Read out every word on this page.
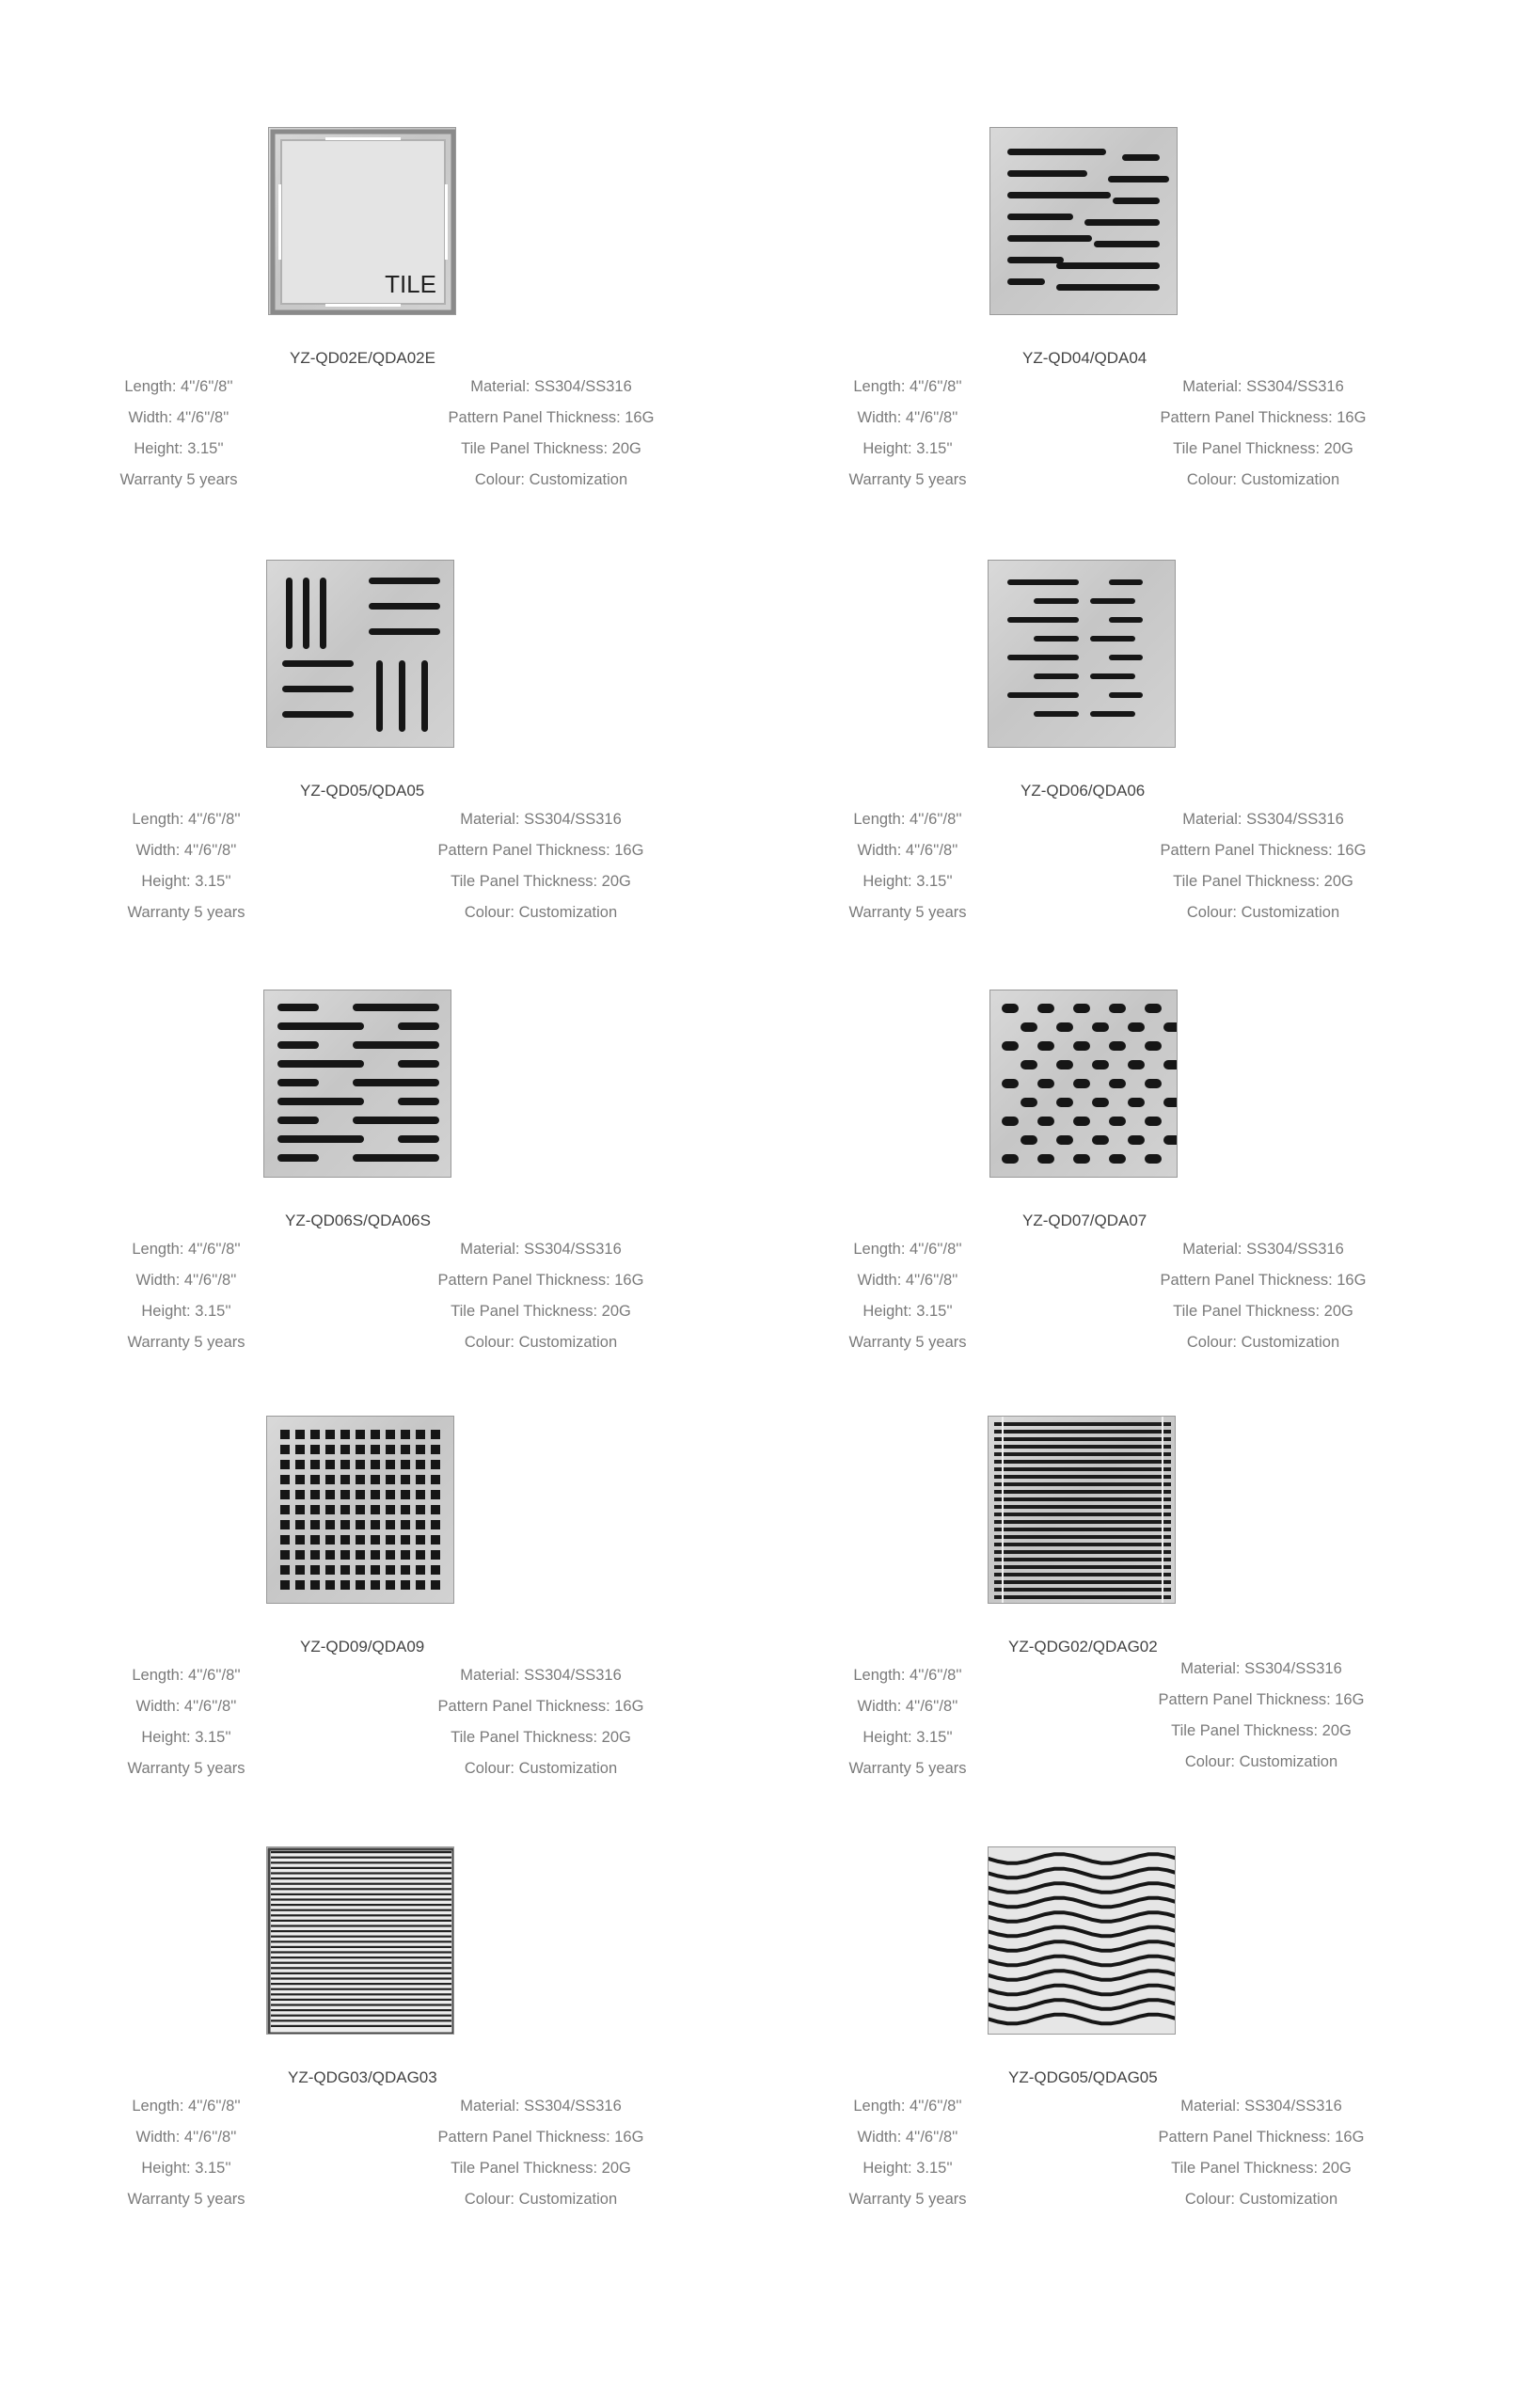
TILE
YZ-QD02E/QDA02E
Length: 4''/6''/8''
Width: 4''/6''/8''
Height: 3.15''
Warranty 5 years
Material: SS304/SS316
Pattern Panel Thickness: 16G
Tile Panel Thickness: 20G
Colour: Customization
YZ-QD04/QDA04
Length: 4''/6''/8''
Width: 4''/6''/8''
Height: 3.15''
Warranty 5 years
Material: SS304/SS316
Pattern Panel Thickness: 16G
Tile Panel Thickness: 20G
Colour: Customization
YZ-QD05/QDA05
Length: 4''/6''/8''
Width: 4''/6''/8''
Height: 3.15''
Warranty 5 years
Material: SS304/SS316
Pattern Panel Thickness: 16G
Tile Panel Thickness: 20G
Colour: Customization
YZ-QD06/QDA06
Length: 4''/6''/8''
Width: 4''/6''/8''
Height: 3.15''
Warranty 5 years
Material: SS304/SS316
Pattern Panel Thickness: 16G
Tile Panel Thickness: 20G
Colour: Customization
YZ-QD06S/QDA06S
Length: 4''/6''/8''
Width: 4''/6''/8''
Height: 3.15''
Warranty 5 years
Material: SS304/SS316
Pattern Panel Thickness: 16G
Tile Panel Thickness: 20G
Colour: Customization
YZ-QD07/QDA07
Length: 4''/6''/8''
Width: 4''/6''/8''
Height: 3.15''
Warranty 5 years
Material: SS304/SS316
Pattern Panel Thickness: 16G
Tile Panel Thickness: 20G
Colour: Customization
YZ-QD09/QDA09
Length: 4''/6''/8''
Width: 4''/6''/8''
Height: 3.15''
Warranty 5 years
Material: SS304/SS316
Pattern Panel Thickness: 16G
Tile Panel Thickness: 20G
Colour: Customization
YZ-QDG02/QDAG02
Length: 4''/6''/8''
Width: 4''/6''/8''
Height: 3.15''
Warranty 5 years
Material: SS304/SS316
Pattern Panel Thickness: 16G
Tile Panel Thickness: 20G
Colour: Customization
YZ-QDG03/QDAG03
Length: 4''/6''/8''
Width: 4''/6''/8''
Height: 3.15''
Warranty 5 years
Material: SS304/SS316
Pattern Panel Thickness: 16G
Tile Panel Thickness: 20G
Colour: Customization
YZ-QDG05/QDAG05
Length: 4''/6''/8''
Width: 4''/6''/8''
Height: 3.15''
Warranty 5 years
Material: SS304/SS316
Pattern Panel Thickness: 16G
Tile Panel Thickness: 20G
Colour: Customization
